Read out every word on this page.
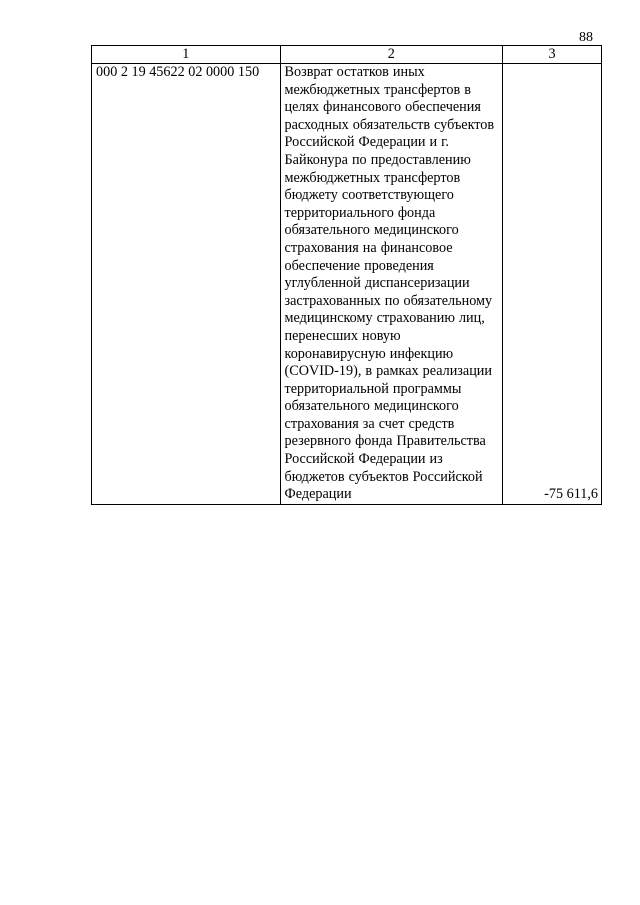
88
1	2	3
000 2 19 45622 02 0000 150	Возврат остатков иных межбюджетных трансфертов в целях финансового обеспечения расходных обязательств субъектов Российской Федерации и г. Байконура по предоставлению межбюджетных трансфертов бюджету соответствующего территориального фонда обязательного медицинского страхования на финансовое обеспечение проведения углубленной диспансеризации застрахованных по обязательному медицинскому страхованию лиц, перенесших новую коронавирусную инфекцию (COVID-19), в рамках реализации территориальной программы обязательного медицинского страхования за счет средств резервного фонда Правительства Российской Федерации из бюджетов субъектов Российской Федерации	-75 611,6
